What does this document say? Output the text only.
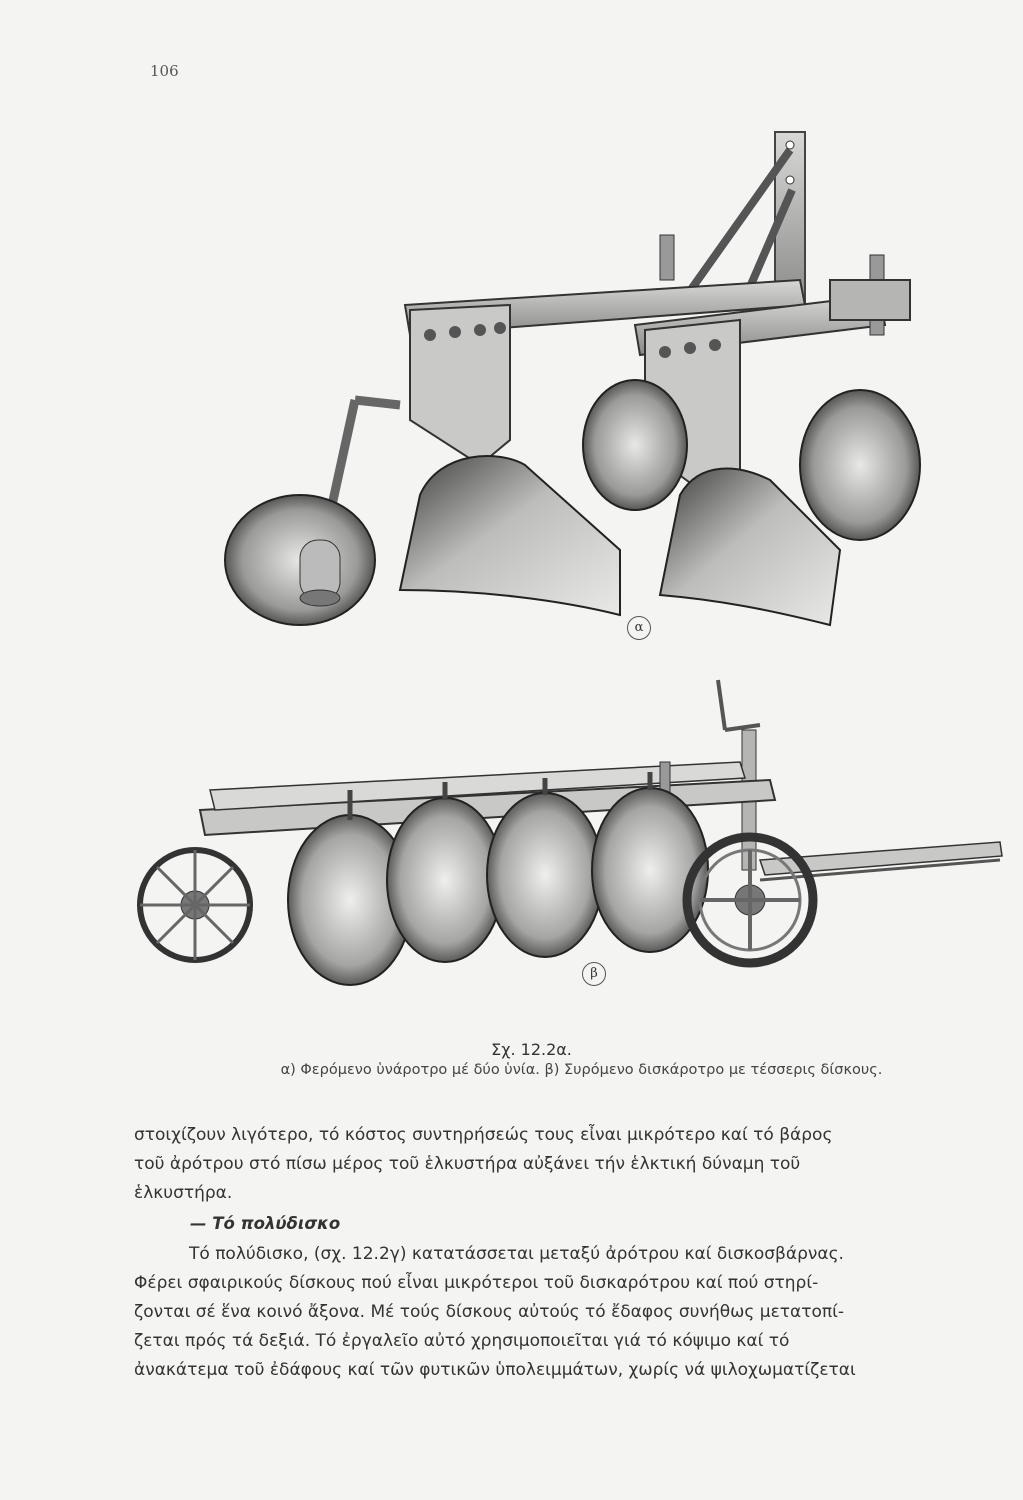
106
α
β
Σχ. 12.2α.
α) Φερόμενο ὑνάροτρο μέ δύο ὑνία. β) Συρόμενο δισκάροτρο με τέσσερις δίσκους.
στοιχίζουν λιγότερο, τό κόστος συντηρήσεώς τους εἶναι μικρότερο καί τό βάρος
τοῦ ἀρότρου στό πίσω μέρος τοῦ ἑλκυστήρα αὐξάνει τήν ἑλκτική δύναμη τοῦ
ἑλκυστήρα.
— Τό πολύδισκο
Τό πολύδισκο, (σχ. 12.2γ) κατατάσσεται μεταξύ ἀρότρου καί δισκοσβάρνας.
Φέρει σφαιρικούς δίσκους πού εἶναι μικρότεροι τοῦ δισκαρότρου καί πού στηρί-
ζονται σέ ἕνα κοινό ἄξονα. Μέ τούς δίσκους αὐτούς τό ἔδαφος συνήθως μετατοπί-
ζεται πρός τά δεξιά. Τό ἐργαλεῖο αὐτό χρησιμοποιεῖται γιά τό κόψιμο καί τό
ἀνακάτεμα τοῦ ἐδάφους καί τῶν φυτικῶν ὑπολειμμάτων, χωρίς νά ψιλοχωματίζεται
